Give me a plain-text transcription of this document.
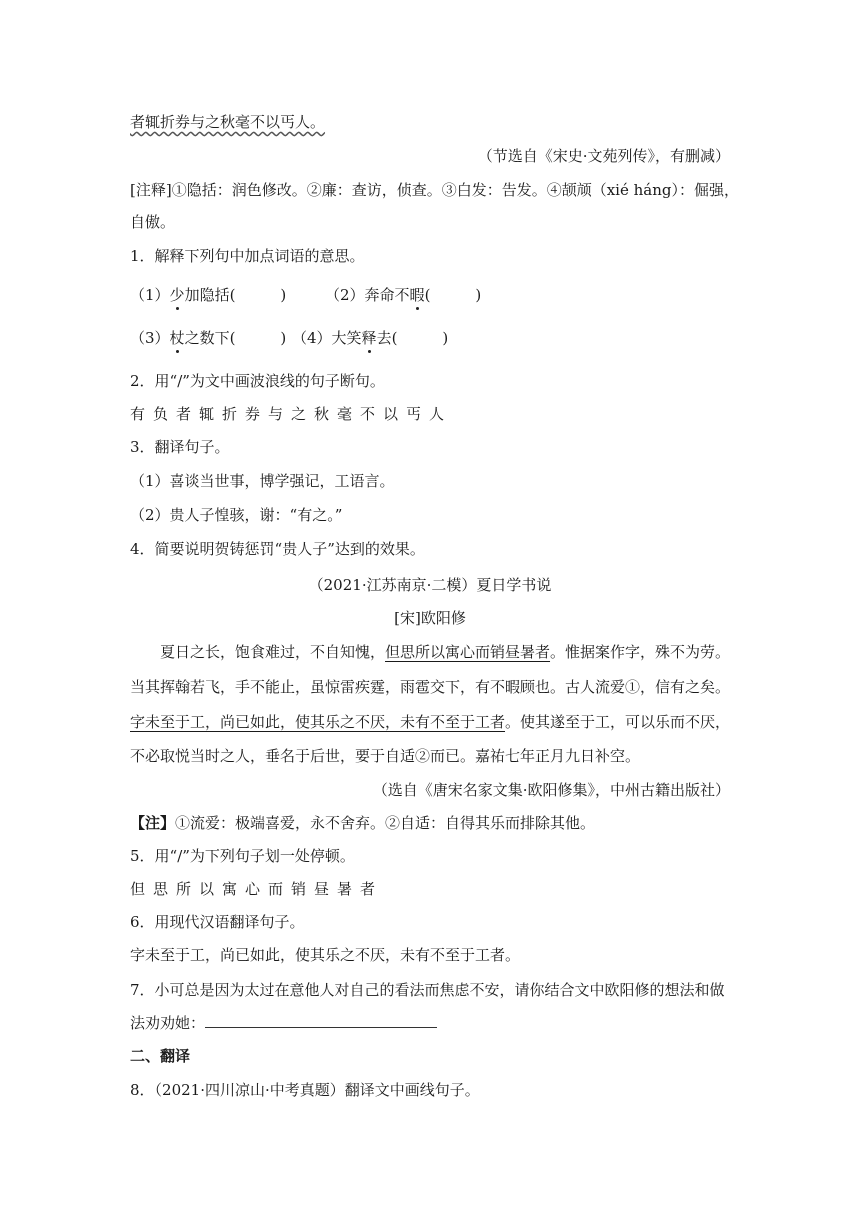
者辄折券与之秋毫不以丐人。
（节选自《宋史·文苑列传》，有删减）
[注释]①隐括：润色修改。②廉：查访，侦查。③白发：告发。④颉颃（xié háng）：倔强，
自傲。
1．解释下列句中加点词语的意思。
（1）少加隐括(　　　)	（2）奔命不暇(　　　)
（3）杖之数下(　　　) （4）大笑释去(　　　)
2．用“/”为文中画波浪线的句子断句。
有负者辄折券与之秋毫不以丐人
3．翻译句子。
（1）喜谈当世事，博学强记，工语言。
（2）贵人子惶骇，谢：“有之。”
4．简要说明贺铸惩罚“贵人子”达到的效果。
（2021·江苏南京·二模）夏日学书说
[宋]欧阳修
夏日之长，饱食难过，不自知愧，但思所以寓心而销昼暑者。惟据案作字，殊不为劳。
当其挥翰若飞，手不能止，虽惊雷疾霆，雨雹交下，有不暇顾也。古人流爱①，信有之矣。
字未至于工，尚已如此，使其乐之不厌，未有不至于工者。使其遂至于工，可以乐而不厌，
不必取悦当时之人，垂名于后世，要于自适②而已。嘉祐七年正月九日补空。
（选自《唐宋名家文集·欧阳修集》，中州古籍出版社）
【注】①流爱：极端喜爱，永不舍弃。②自适：自得其乐而排除其他。
5．用“/”为下列句子划一处停顿。
但思所以寓心而销昼暑者
6．用现代汉语翻译句子。
字未至于工，尚已如此，使其乐之不厌，未有不至于工者。
7．小可总是因为太过在意他人对自己的看法而焦虑不安，请你结合文中欧阳修的想法和做
法劝劝她：
二、翻译
8．（2021·四川凉山·中考真题）翻译文中画线句子。
